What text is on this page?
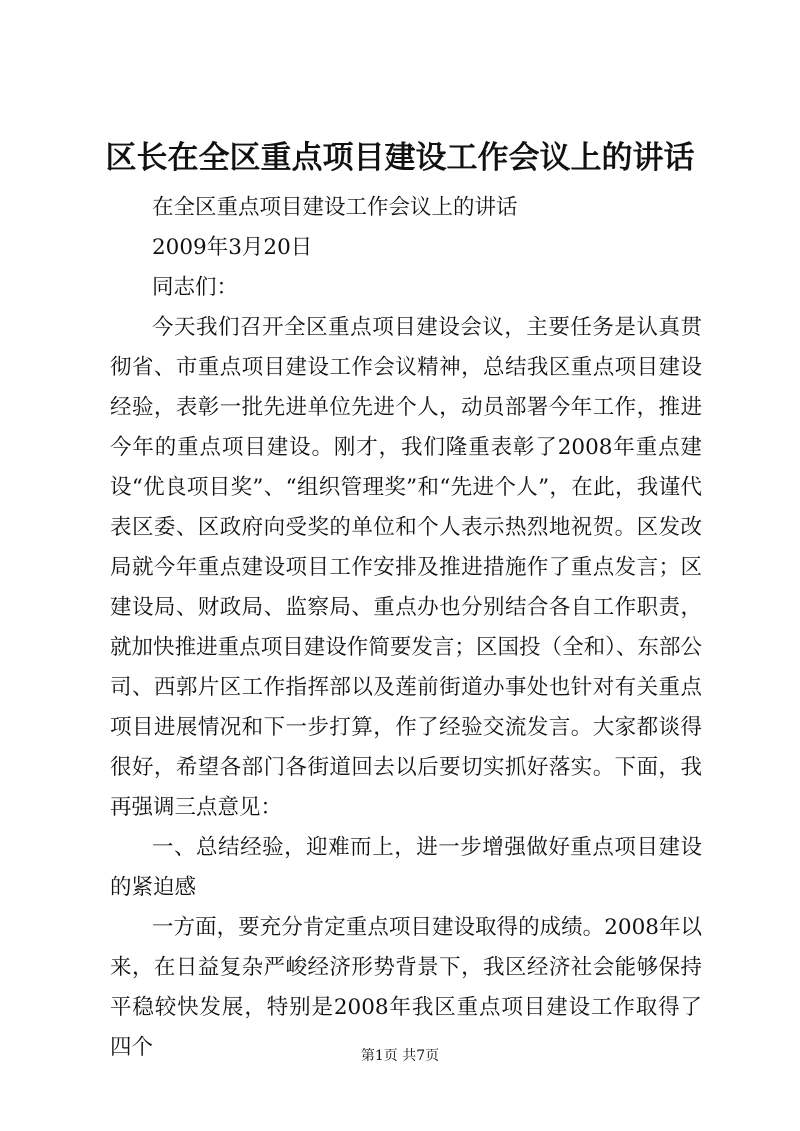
区长在全区重点项目建设工作会议上的讲话

在全区重点项目建设工作会议上的讲话

2009年3月20日

同志们：

今天我们召开全区重点项目建设会议，主要任务是认真贯彻省、市重点项目建设工作会议精神，总结我区重点项目建设经验，表彰一批先进单位先进个人，动员部署今年工作，推进今年的重点项目建设。刚才，我们隆重表彰了2008年重点建设“优良项目奖”、“组织管理奖”和“先进个人”，在此，我谨代表区委、区政府向受奖的单位和个人表示热烈地祝贺。区发改局就今年重点建设项目工作安排及推进措施作了重点发言；区建设局、财政局、监察局、重点办也分别结合各自工作职责，就加快推进重点项目建设作简要发言；区国投（全和）、东部公司、西郭片区工作指挥部以及莲前街道办事处也针对有关重点项目进展情况和下一步打算，作了经验交流发言。大家都谈得很好，希望各部门各街道回去以后要切实抓好落实。下面，我再强调三点意见：

一、总结经验，迎难而上，进一步增强做好重点项目建设的紧迫感

一方面，要充分肯定重点项目建设取得的成绩。2008年以来，在日益复杂严峻经济形势背景下，我区经济社会能够保持平稳较快发展，特别是2008年我区重点项目建设工作取得了四个	第1页 共7页
